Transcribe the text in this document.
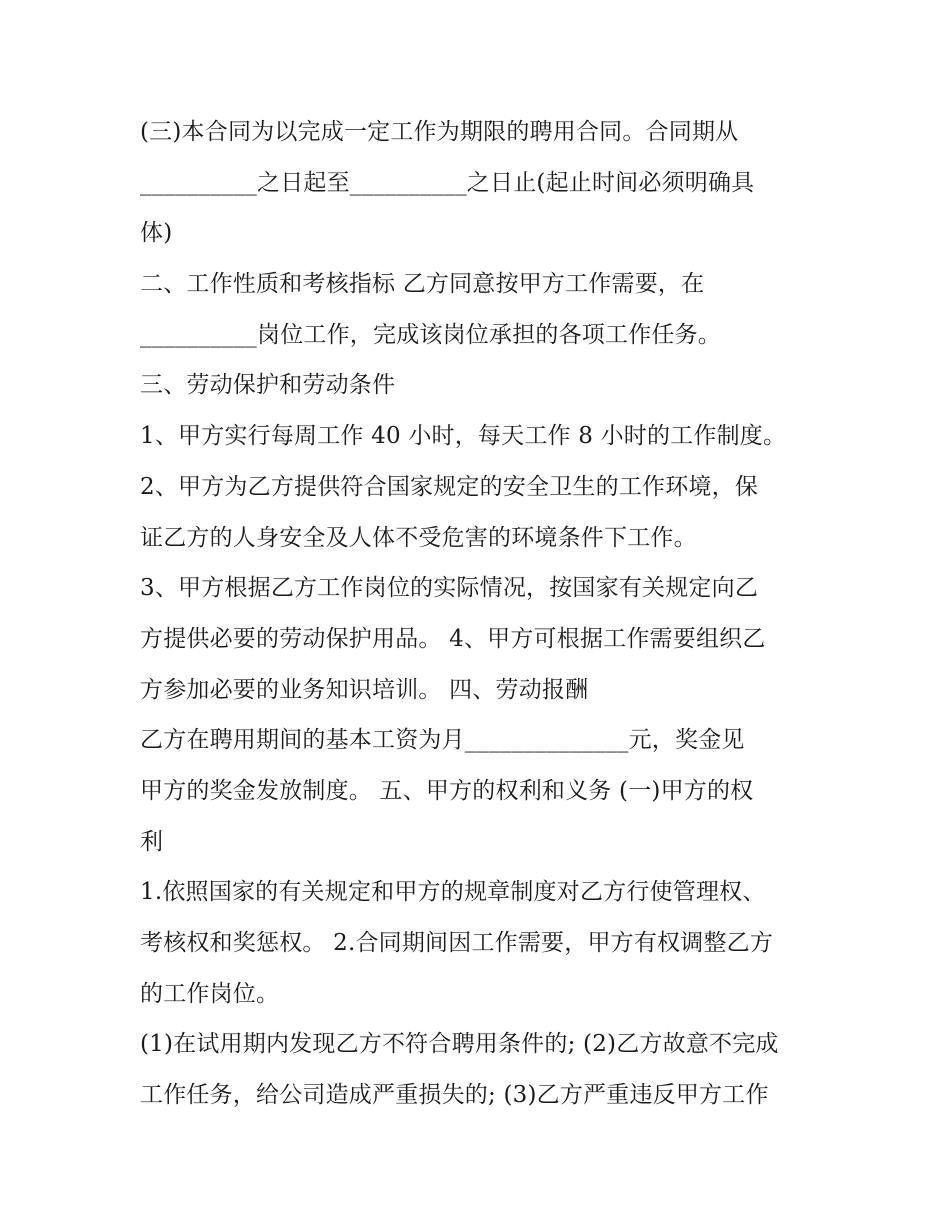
(三)本合同为以完成一定工作为期限的聘用合同。合同期从
__________之日起至__________之日止(起止时间必须明确具
体)
二、工作性质和考核指标 乙方同意按甲方工作需要，在
__________岗位工作，完成该岗位承担的各项工作任务。
三、劳动保护和劳动条件
1、甲方实行每周工作 40 小时，每天工作 8 小时的工作制度。
2、甲方为乙方提供符合国家规定的安全卫生的工作环境，保
证乙方的人身安全及人体不受危害的环境条件下工作。
3、甲方根据乙方工作岗位的实际情况，按国家有关规定向乙
方提供必要的劳动保护用品。 4、甲方可根据工作需要组织乙
方参加必要的业务知识培训。 四、劳动报酬
乙方在聘用期间的基本工资为月______________元，奖金见
甲方的奖金发放制度。 五、甲方的权利和义务 (一)甲方的权
利
1.依照国家的有关规定和甲方的规章制度对乙方行使管理权、
考核权和奖惩权。 2.合同期间因工作需要，甲方有权调整乙方
的工作岗位。
(1)在试用期内发现乙方不符合聘用条件的; (2)乙方故意不完成
工作任务，给公司造成严重损失的; (3)乙方严重违反甲方工作
